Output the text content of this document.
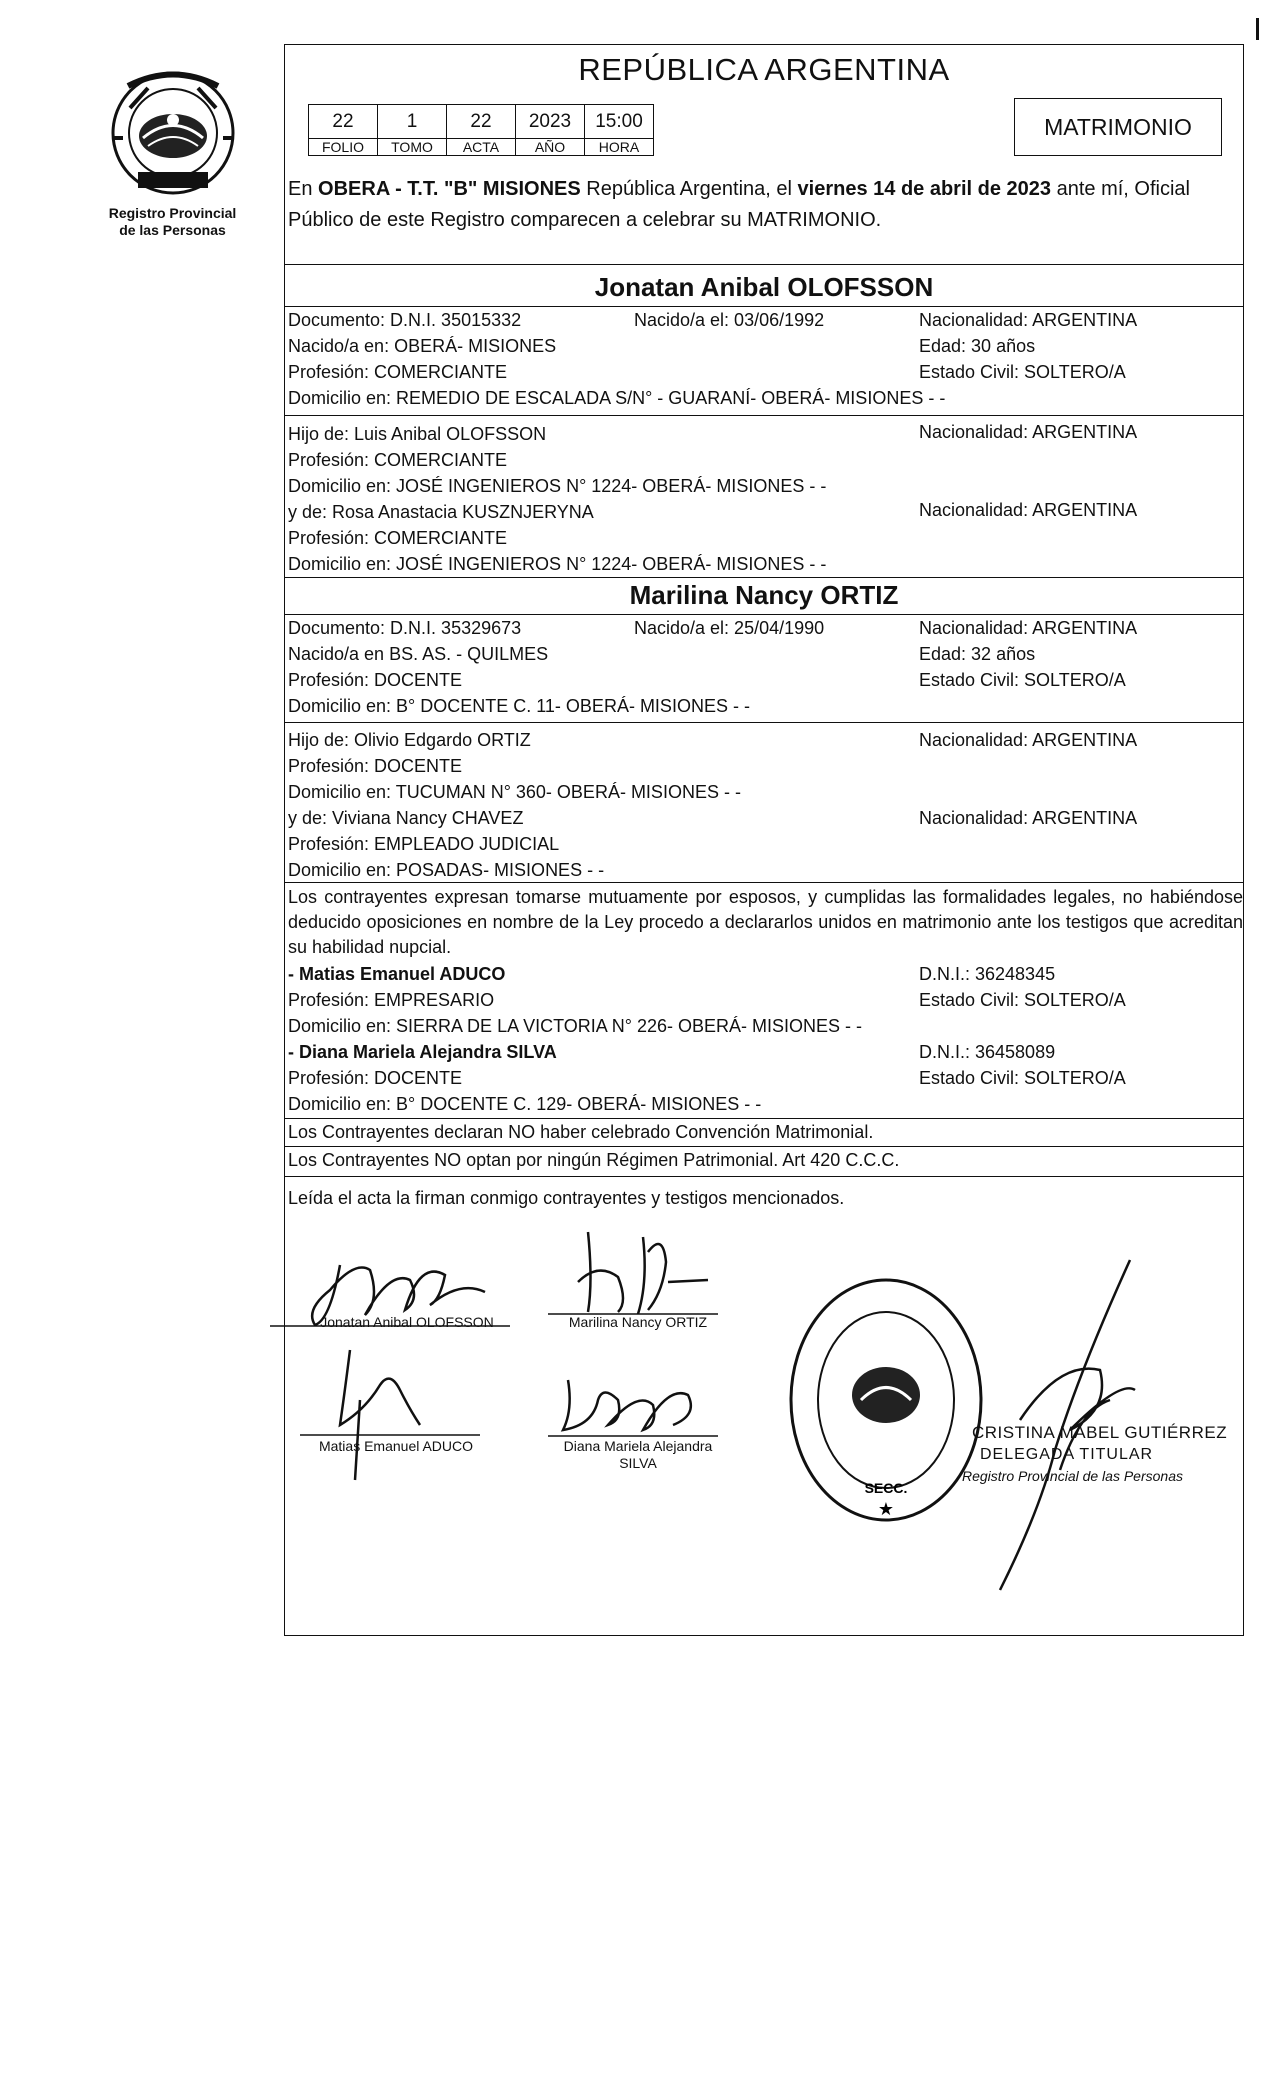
Registro Provincial
de las Personas
REPÚBLICA ARGENTINA
22	1	22	2023	15:00
FOLIO	TOMO	ACTA	AÑO	HORA
MATRIMONIO
En OBERA - T.T. "B" MISIONES República Argentina, el viernes 14 de abril de 2023 ante mí, Oficial Público de este Registro comparecen a celebrar su MATRIMONIO.
Jonatan Anibal OLOFSSON
Documento: D.N.I. 35015332	Nacido/a el: 03/06/1992	Nacionalidad: ARGENTINA
Nacido/a en: OBERÁ- MISIONES	Edad: 30 años
Profesión: COMERCIANTE	Estado Civil: SOLTERO/A
Domicilio en: REMEDIO DE ESCALADA S/N° - GUARANÍ- OBERÁ- MISIONES - -
Hijo de: Luis Anibal OLOFSSON	Nacionalidad: ARGENTINA
Profesión: COMERCIANTE
Domicilio en: JOSÉ INGENIEROS N° 1224- OBERÁ- MISIONES - -
y de: Rosa Anastacia KUSZNJERYNA	Nacionalidad: ARGENTINA
Profesión: COMERCIANTE
Domicilio en: JOSÉ INGENIEROS N° 1224- OBERÁ- MISIONES - -
Marilina Nancy ORTIZ
Documento: D.N.I. 35329673	Nacido/a el: 25/04/1990	Nacionalidad: ARGENTINA
Nacido/a en BS. AS. - QUILMES	Edad: 32 años
Profesión: DOCENTE	Estado Civil: SOLTERO/A
Domicilio en: B° DOCENTE C. 11- OBERÁ- MISIONES - -
Hijo de: Olivio Edgardo ORTIZ	Nacionalidad: ARGENTINA
Profesión: DOCENTE
Domicilio en: TUCUMAN N° 360- OBERÁ- MISIONES - -
y de: Viviana Nancy CHAVEZ	Nacionalidad: ARGENTINA
Profesión: EMPLEADO JUDICIAL
Domicilio en: POSADAS- MISIONES - -
Los contrayentes expresan tomarse mutuamente por esposos, y cumplidas las formalidades legales, no habiéndose deducido oposiciones en nombre de la Ley procedo a declararlos unidos en matrimonio ante los testigos que acreditan su habilidad nupcial.
- Matias Emanuel ADUCO	D.N.I.: 36248345
Profesión: EMPRESARIO	Estado Civil: SOLTERO/A
Domicilio en: SIERRA DE LA VICTORIA N° 226- OBERÁ- MISIONES - -
- Diana Mariela Alejandra SILVA	D.N.I.: 36458089
Profesión: DOCENTE	Estado Civil: SOLTERO/A
Domicilio en: B° DOCENTE C. 129- OBERÁ- MISIONES - -
Los Contrayentes declaran NO haber celebrado Convención Matrimonial.
Los Contrayentes NO optan por ningún Régimen Patrimonial. Art 420 C.C.C.
Leída el acta la firman conmigo contrayentes y testigos mencionados.
Jonatan Anibal OLOFSSON	Marilina Nancy ORTIZ
Matias Emanuel ADUCO	Diana Mariela Alejandra
SILVA
SECC.
★
CRISTINA MABEL GUTIÉRREZ
DELEGADA TITULAR
Registro Provincial de las Personas
